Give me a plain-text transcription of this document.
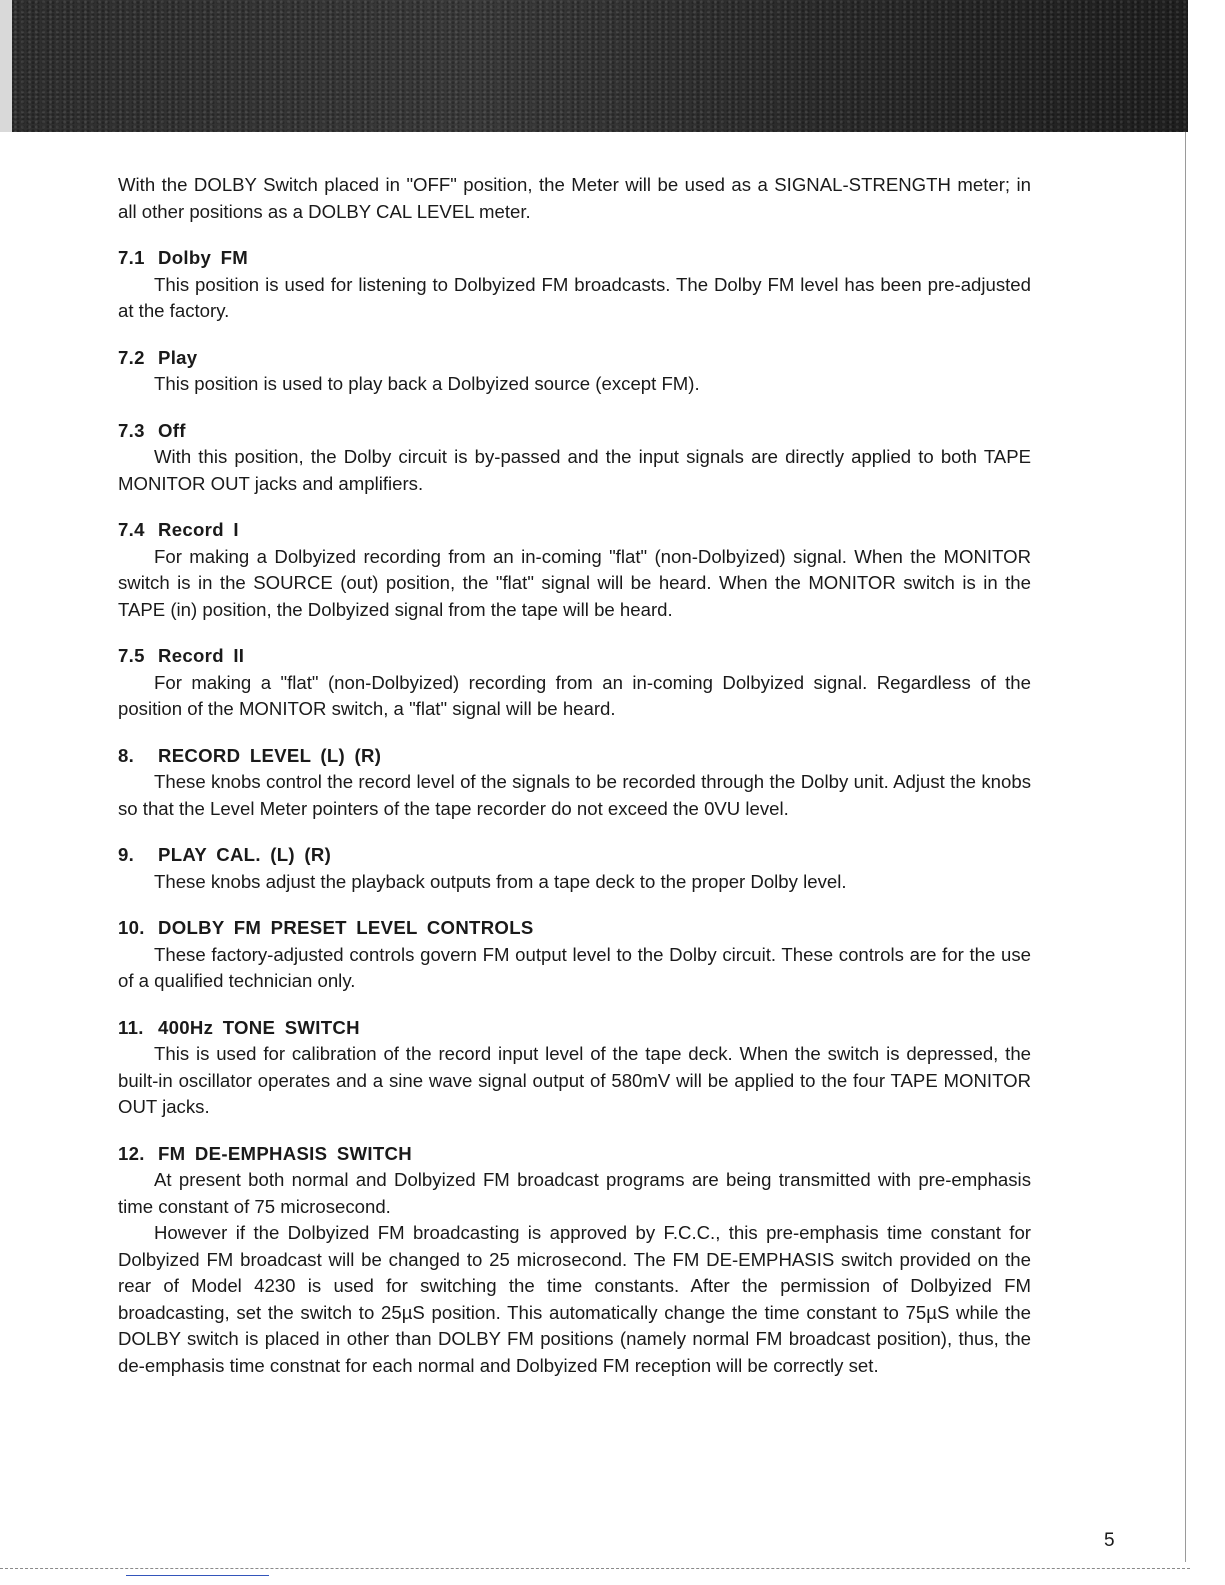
With the DOLBY Switch placed in "OFF" position, the Meter will be used as a SIGNAL-STRENGTH meter; in all other positions as a DOLBY CAL LEVEL meter.

7.1 Dolby FM

This position is used for listening to Dolbyized FM broadcasts. The Dolby FM level has been pre-adjusted at the factory.

7.2 Play

This position is used to play back a Dolbyized source (except FM).

7.3 Off

With this position, the Dolby circuit is by-passed and the input signals are directly applied to both TAPE MONITOR OUT jacks and amplifiers.

7.4 Record I

For making a Dolbyized recording from an in-coming "flat" (non-Dolbyized) signal. When the MONITOR switch is in the SOURCE (out) position, the "flat" signal will be heard. When the MONITOR switch is in the TAPE (in) position, the Dolbyized signal from the tape will be heard.

7.5 Record II

For making a "flat" (non-Dolbyized) recording from an in-coming Dolbyized signal. Regardless of the position of the MONITOR switch, a "flat" signal will be heard.

8. RECORD LEVEL (L) (R)

These knobs control the record level of the signals to be recorded through the Dolby unit. Adjust the knobs so that the Level Meter pointers of the tape recorder do not exceed the 0VU level.

9. PLAY CAL. (L) (R)

These knobs adjust the playback outputs from a tape deck to the proper Dolby level.

10. DOLBY FM PRESET LEVEL CONTROLS

These factory-adjusted controls govern FM output level to the Dolby circuit. These controls are for the use of a qualified technician only.

11. 400Hz TONE SWITCH

This is used for calibration of the record input level of the tape deck. When the switch is depressed, the built-in oscillator operates and a sine wave signal output of 580mV will be applied to the four TAPE MONITOR OUT jacks.

12. FM DE-EMPHASIS SWITCH

At present both normal and Dolbyized FM broadcast programs are being transmitted with pre-emphasis time constant of 75 microsecond.

However if the Dolbyized FM broadcasting is approved by F.C.C., this pre-emphasis time constant for Dolbyized FM broadcast will be changed to 25 microsecond. The FM DE-EMPHASIS switch provided on the rear of Model 4230 is used for switching the time constants. After the permission of Dolbyized FM broadcasting, set the switch to 25µS position. This automatically change the time constant to 75µS while the DOLBY switch is placed in other than DOLBY FM positions (namely normal FM broadcast position), thus, the de-emphasis time constnat for each normal and Dolbyized FM reception will be correctly set.

5
